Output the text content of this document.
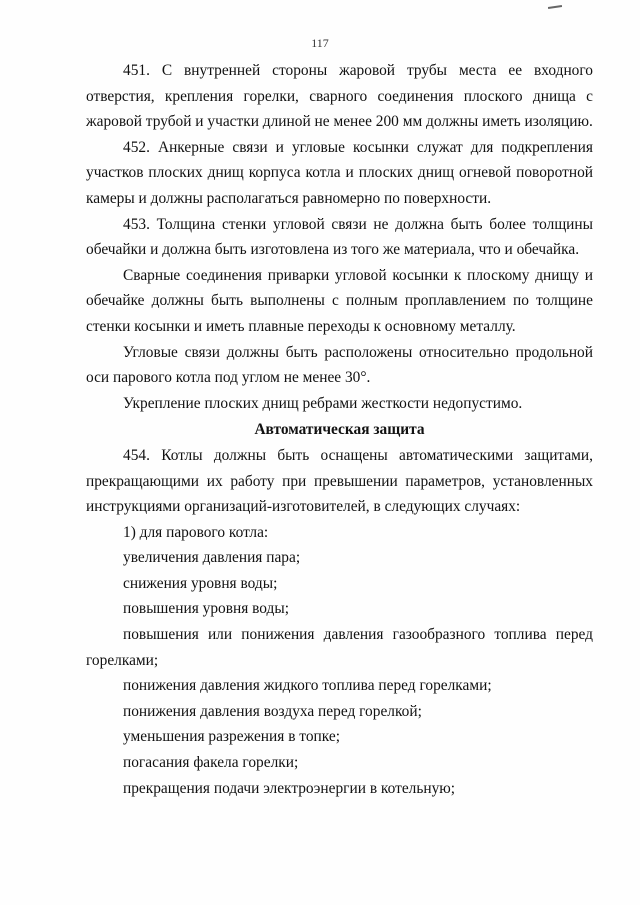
117

451. С внутренней стороны жаровой трубы места ее входного отверстия, крепления горелки, сварного соединения плоского днища с жаровой трубой и участки длиной не менее 200 мм должны иметь изоляцию.

452. Анкерные связи и угловые косынки служат для подкрепления участков плоских днищ корпуса котла и плоских днищ огневой поворотной камеры и должны располагаться равномерно по поверхности.

453. Толщина стенки угловой связи не должна быть более толщины обечайки и должна быть изготовлена из того же материала, что и обечайка.

Сварные соединения приварки угловой косынки к плоскому днищу и обечайке должны быть выполнены с полным проплавлением по толщине стенки косынки и иметь плавные переходы к основному металлу.

Угловые связи должны быть расположены относительно продольной оси парового котла под углом не менее 30°.

Укрепление плоских днищ ребрами жесткости недопустимо.

Автоматическая защита

454. Котлы должны быть оснащены автоматическими защитами, прекращающими их работу при превышении параметров, установленных инструкциями организаций-изготовителей, в следующих случаях:

1) для парового котла:

увеличения давления пара;

снижения уровня воды;

повышения уровня воды;

повышения или понижения давления газообразного топлива перед горелками;

понижения давления жидкого топлива перед горелками;

понижения давления воздуха перед горелкой;

уменьшения разрежения в топке;

погасания факела горелки;

прекращения подачи электроэнергии в котельную;
